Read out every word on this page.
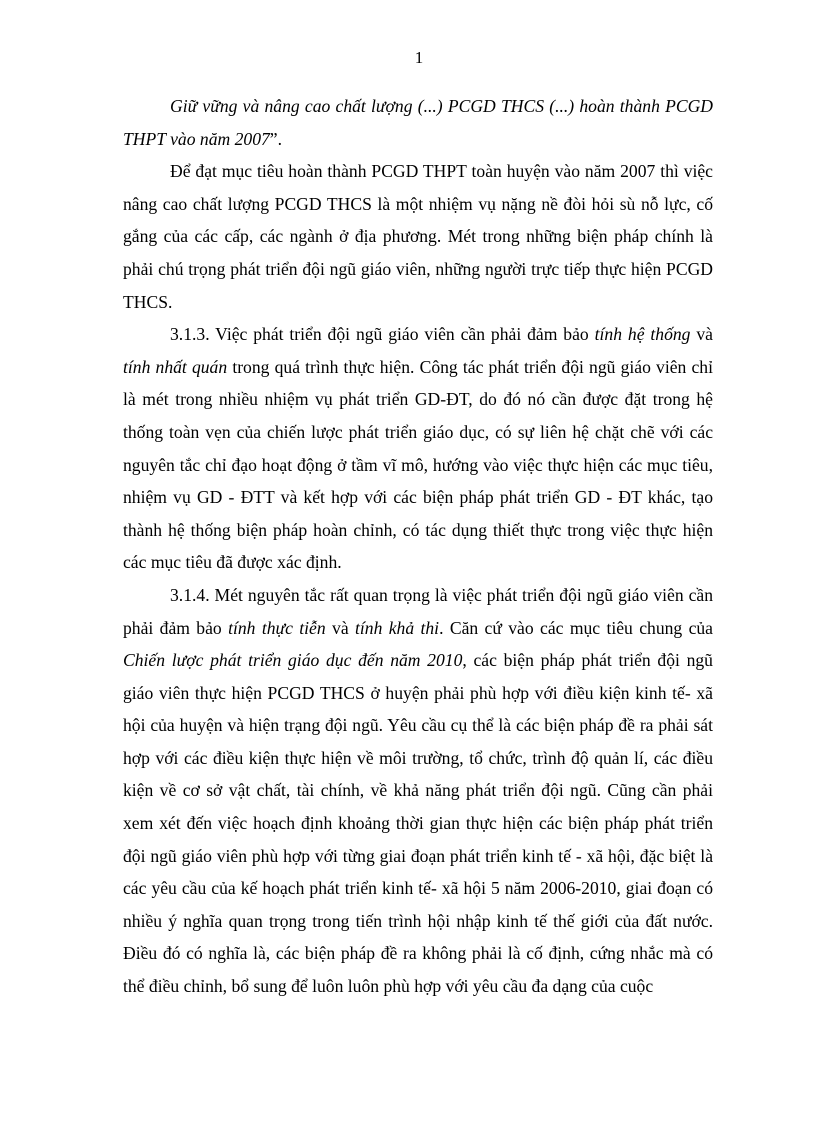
1

Giữ vững và nâng cao chất lượng (...) PCGD THCS (...) hoàn thành PCGD THPT vào năm 2007”.

Để đạt mục tiêu hoàn thành PCGD THPT toàn huyện vào năm 2007 thì việc nâng cao chất lượng PCGD THCS là một nhiệm vụ nặng nề đòi hỏi sù nỗ lực, cố gắng của các cấp, các ngành ở địa phương. Mét trong những biện pháp chính là phải chú trọng phát triển đội ngũ giáo viên, những người trực tiếp thực hiện PCGD THCS.

3.1.3. Việc phát triển đội ngũ giáo viên cần phải đảm bảo tính hệ thống và tính nhất quán trong quá trình thực hiện. Công tác phát triển đội ngũ giáo viên chỉ là mét trong nhiều nhiệm vụ phát triển GD-ĐT, do đó nó cần được đặt trong hệ thống toàn vẹn của chiến lược phát triển giáo dục, có sự liên hệ chặt chẽ với các nguyên tắc chỉ đạo hoạt động ở tầm vĩ mô, hướng vào việc thực hiện các mục tiêu, nhiệm vụ GD - ĐTT và kết hợp với các biện pháp phát triển GD - ĐT khác, tạo thành hệ thống biện pháp hoàn chỉnh, có tác dụng thiết thực trong việc thực hiện các mục tiêu đã được xác định.

3.1.4. Mét nguyên tắc rất quan trọng là việc phát triển đội ngũ giáo viên cần phải đảm bảo tính thực tiễn và tính khả thi. Căn cứ vào các mục tiêu chung của Chiến lược phát triển giáo dục đến năm 2010, các biện pháp phát triển đội ngũ giáo viên thực hiện PCGD THCS ở huyện phải phù hợp với điều kiện kinh tế- xã hội của huyện và hiện trạng đội ngũ. Yêu cầu cụ thể là các biện pháp đề ra phải sát hợp với các điều kiện thực hiện về môi trường, tổ chức, trình độ quản lí, các điều kiện về cơ sở vật chất, tài chính, về khả năng phát triển đội ngũ. Cũng cần phải xem xét đến việc hoạch định khoảng thời gian thực hiện các biện pháp phát triển đội ngũ giáo viên phù hợp với từng giai đoạn phát triển kinh tế - xã hội, đặc biệt là các yêu cầu của kế hoạch phát triển kinh tế- xã hội 5 năm 2006-2010, giai đoạn có nhiều ý nghĩa quan trọng trong tiến trình hội nhập kinh tế thế giới của đất nước. Điều đó có nghĩa là, các biện pháp đề ra không phải là cố định, cứng nhắc mà có thể điều chỉnh, bổ sung để luôn luôn phù hợp với yêu cầu đa dạng của cuộc
